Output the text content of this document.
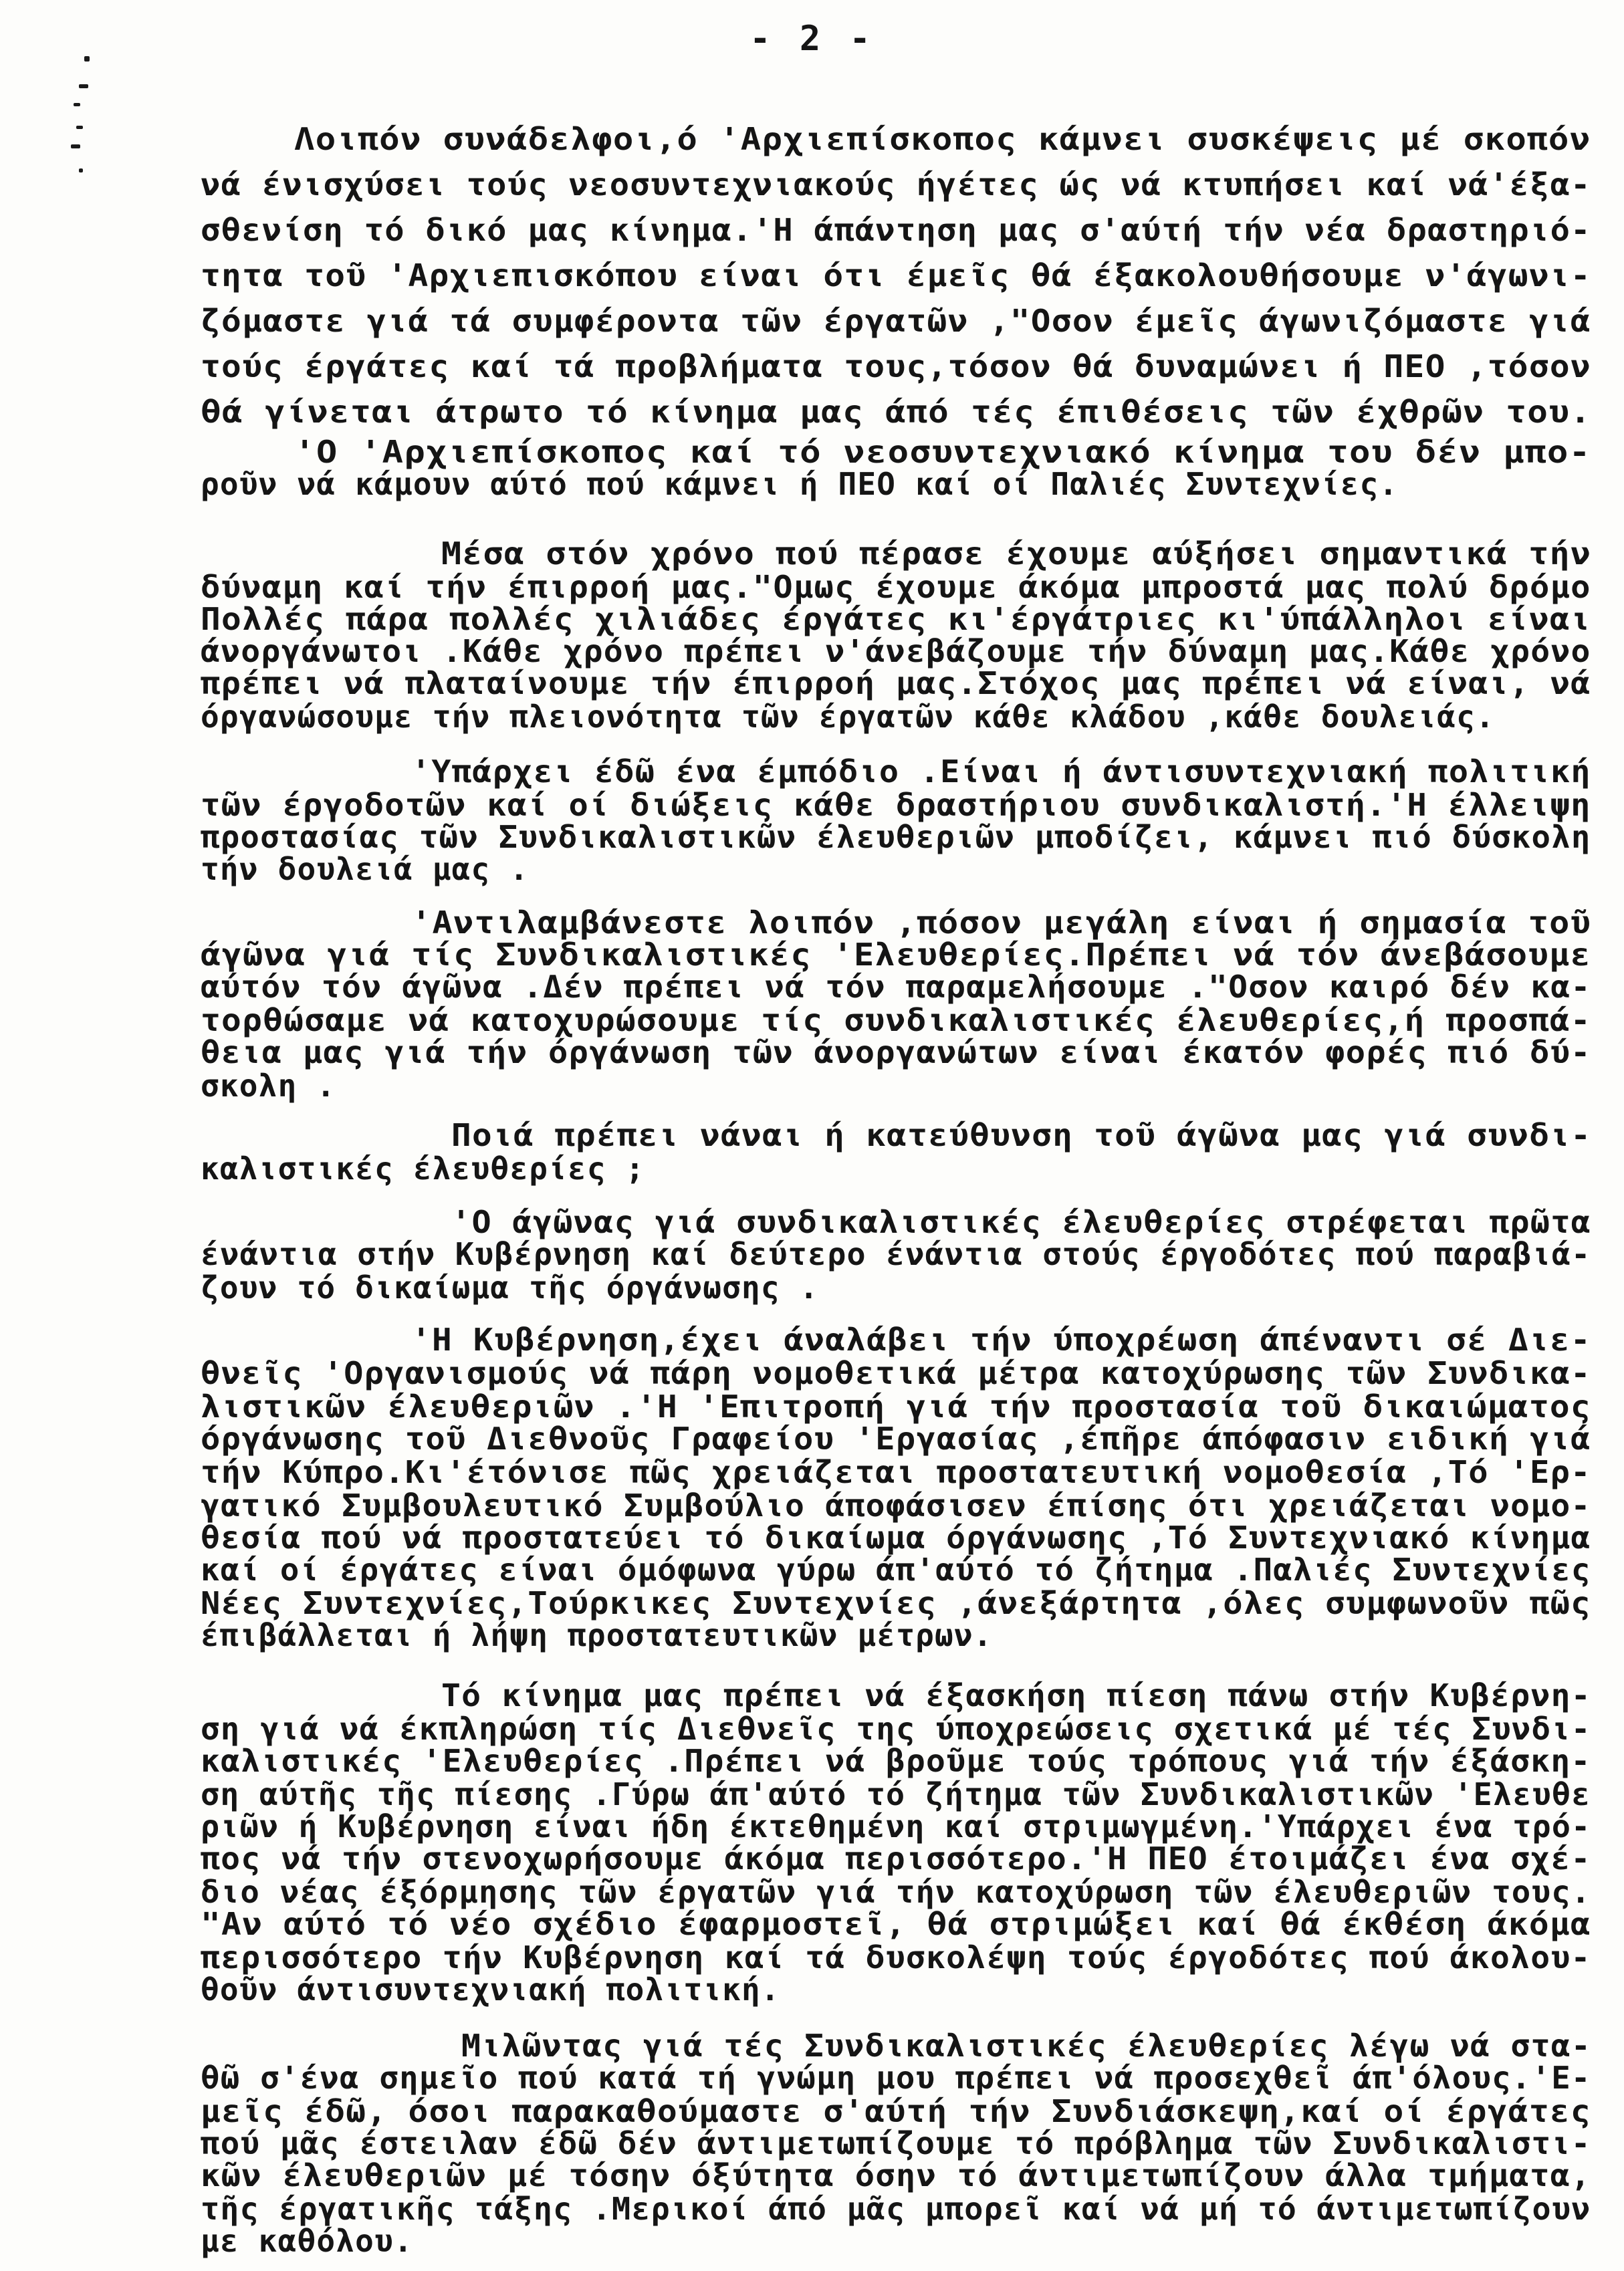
- 2 -
Λοιπόν συνάδελφοι,ό 'Αρχιεπίσκοπος κάμνει συσκέψεις μέ σκοπόν
νά ένισχύσει τούς νεοσυντεχνιακούς ήγέτες ώς νά κτυπήσει καί νά'έξα-
σθενίση τό δικό μας κίνημα.'Η άπάντηση μας σ'αύτή τήν νέα δραστηριό-
τητα τοῦ 'Αρχιεπισκόπου είναι ότι έμεῖς θά έξακολουθήσουμε ν'άγωνι-
ζόμαστε γιά τά συμφέροντα τῶν έργατῶν ,"Οσον έμεῖς άγωνιζόμαστε γιά
τούς έργάτες καί τά προβλήματα τους,τόσον θά δυναμώνει ή ΠΕΟ ,τόσον
θά γίνεται άτρωτο τό κίνημα μας άπό τές έπιθέσεις τῶν έχθρῶν του.
'Ο 'Αρχιεπίσκοπος καί τό νεοσυντεχνιακό κίνημα του δέν μπο-
ροῦν νά κάμουν αύτό πού κάμνει ή ΠΕΟ καί οί Παλιές Συντεχνίες.
Μέσα στόν χρόνο πού πέρασε έχουμε αύξήσει σημαντικά τήν
δύναμη καί τήν έπιρροή μας."Ομως έχουμε άκόμα μπροστά μας πολύ δρόμο
Πολλές πάρα πολλές χιλιάδες έργάτες κι'έργάτριες κι'ύπάλληλοι είναι
άνοργάνωτοι .Κάθε χρόνο πρέπει ν'άνεβάζουμε τήν δύναμη μας.Κάθε χρόνο
πρέπει νά πλαταίνουμε τήν έπιρροή μας.Στόχος μας πρέπει νά είναι, νά
όργανώσουμε τήν πλειονότητα τῶν έργατῶν κάθε κλάδου ,κάθε δουλειάς.
'Υπάρχει έδῶ ένα έμπόδιο .Είναι ή άντισυντεχνιακή πολιτική
τῶν έργοδοτῶν καί οί διώξεις κάθε δραστήριου συνδικαλιστή.'Η έλλειψη
προστασίας τῶν Συνδικαλιστικῶν έλευθεριῶν μποδίζει, κάμνει πιό δύσκολη
τήν δουλειά μας .
'Αντιλαμβάνεστε λοιπόν ,πόσον μεγάλη είναι ή σημασία τοῦ
άγῶνα γιά τίς Συνδικαλιστικές 'Ελευθερίες.Πρέπει νά τόν άνεβάσουμε
αύτόν τόν άγῶνα .Δέν πρέπει νά τόν παραμελήσουμε ."Οσον καιρό δέν κα-
τορθώσαμε νά κατοχυρώσουμε τίς συνδικαλιστικές έλευθερίες,ή προσπά-
θεια μας γιά τήν όργάνωση τῶν άνοργανώτων είναι έκατόν φορές πιό δύ-
σκολη .
Ποιά πρέπει νάναι ή κατεύθυνση τοῦ άγῶνα μας γιά συνδι-
καλιστικές έλευθερίες ;
'Ο άγῶνας γιά συνδικαλιστικές έλευθερίες στρέφεται πρῶτα
ένάντια στήν Κυβέρνηση καί δεύτερο ένάντια στούς έργοδότες πού παραβιά-
ζουν τό δικαίωμα τῆς όργάνωσης .
'Η Κυβέρνηση,έχει άναλάβει τήν ύποχρέωση άπέναντι σέ Διε-
θνεῖς 'Οργανισμούς νά πάρη νομοθετικά μέτρα κατοχύρωσης τῶν Συνδικα-
λιστικῶν έλευθεριῶν .'Η 'Επιτροπή γιά τήν προστασία τοῦ δικαιώματος
όργάνωσης τοῦ Διεθνοῦς Γραφείου 'Εργασίας ,έπῆρε άπόφασιν ειδική γιά
τήν Κύπρο.Κι'έτόνισε πῶς χρειάζεται προστατευτική νομοθεσία ,Τό 'Ερ-
γατικό Συμβουλευτικό Συμβούλιο άποφάσισεν έπίσης ότι χρειάζεται νομο-
θεσία πού νά προστατεύει τό δικαίωμα όργάνωσης ,Τό Συντεχνιακό κίνημα
καί οί έργάτες είναι όμόφωνα γύρω άπ'αύτό τό ζήτημα .Παλιές Συντεχνίες
Νέες Συντεχνίες,Τούρκικες Συντεχνίες ,άνεξάρτητα ,όλες συμφωνοῦν πῶς
έπιβάλλεται ή λήψη προστατευτικῶν μέτρων.
Τό κίνημα μας πρέπει νά έξασκήση πίεση πάνω στήν Κυβέρνη-
ση γιά νά έκπληρώση τίς Διεθνεῖς της ύποχρεώσεις σχετικά μέ τές Συνδι-
καλιστικές 'Ελευθερίες .Πρέπει νά βροῦμε τούς τρόπους γιά τήν έξάσκη-
ση αύτῆς τῆς πίεσης .Γύρω άπ'αύτό τό ζήτημα τῶν Συνδικαλιστικῶν 'Ελευθε
ριῶν ή Κυβέρνηση είναι ήδη έκτεθημένη καί στριμωγμένη.'Υπάρχει ένα τρό-
πος νά τήν στενοχωρήσουμε άκόμα περισσότερο.'Η ΠΕΟ έτοιμάζει ένα σχέ-
διο νέας έξόρμησης τῶν έργατῶν γιά τήν κατοχύρωση τῶν έλευθεριῶν τους.
"Αν αύτό τό νέο σχέδιο έφαρμοστεῖ, θά στριμώξει καί θά έκθέση άκόμα
περισσότερο τήν Κυβέρνηση καί τά δυσκολέψη τούς έργοδότες πού άκολου-
θοῦν άντισυντεχνιακή πολιτική.
Μιλῶντας γιά τές Συνδικαλιστικές έλευθερίες λέγω νά στα-
θῶ σ'ένα σημεῖο πού κατά τή γνώμη μου πρέπει νά προσεχθεῖ άπ'όλους.'Ε-
μεῖς έδῶ, όσοι παρακαθούμαστε σ'αύτή τήν Συνδιάσκεψη,καί οί έργάτες
πού μᾶς έστειλαν έδῶ δέν άντιμετωπίζουμε τό πρόβλημα τῶν Συνδικαλιστι-
κῶν έλευθεριῶν μέ τόσην όξύτητα όσην τό άντιμετωπίζουν άλλα τμήματα,
τῆς έργατικῆς τάξης .Μερικοί άπό μᾶς μπορεῖ καί νά μή τό άντιμετωπίζουν
με καθόλου.
